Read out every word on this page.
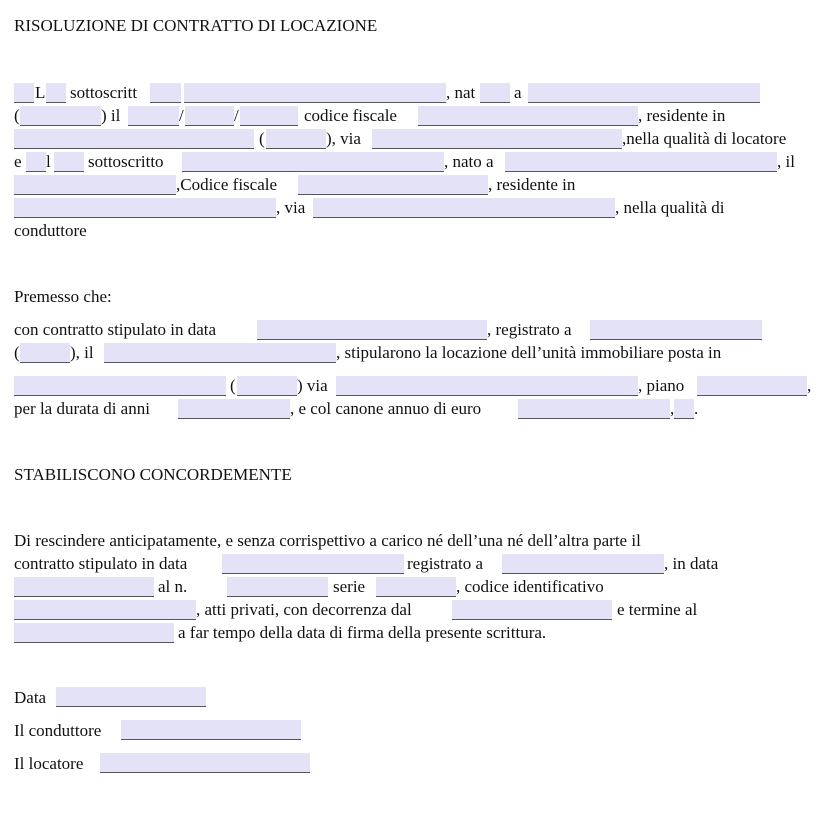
RISOLUZIONE DI CONTRATTO DI LOCAZIONE
L sottoscritt	, nat a
(	) il	/	/	codice fiscale	, residente in
(	), via	,nella qualità di locatore
e l sottoscritto	, nato a	, il
,Codice fiscale	, residente in
, via	, nella qualità di
conduttore
Premesso che:
con contratto stipulato in data	, registrato a
(	), il	, stipularono la locazione dell’unità immobiliare posta in
(	) via	, piano	,
per la durata di anni	, e col canone annuo di euro	, .
STABILISCONO CONCORDEMENTE
Di rescindere anticipatamente, e senza corrispettivo a carico né dell’una né dell’altra parte il
contratto stipulato in data	registrato a	, in data
al n.	serie	, codice identificativo
, atti privati, con decorrenza dal	e termine al
a far tempo della data di firma della presente scrittura.
Data
Il conduttore
Il locatore
